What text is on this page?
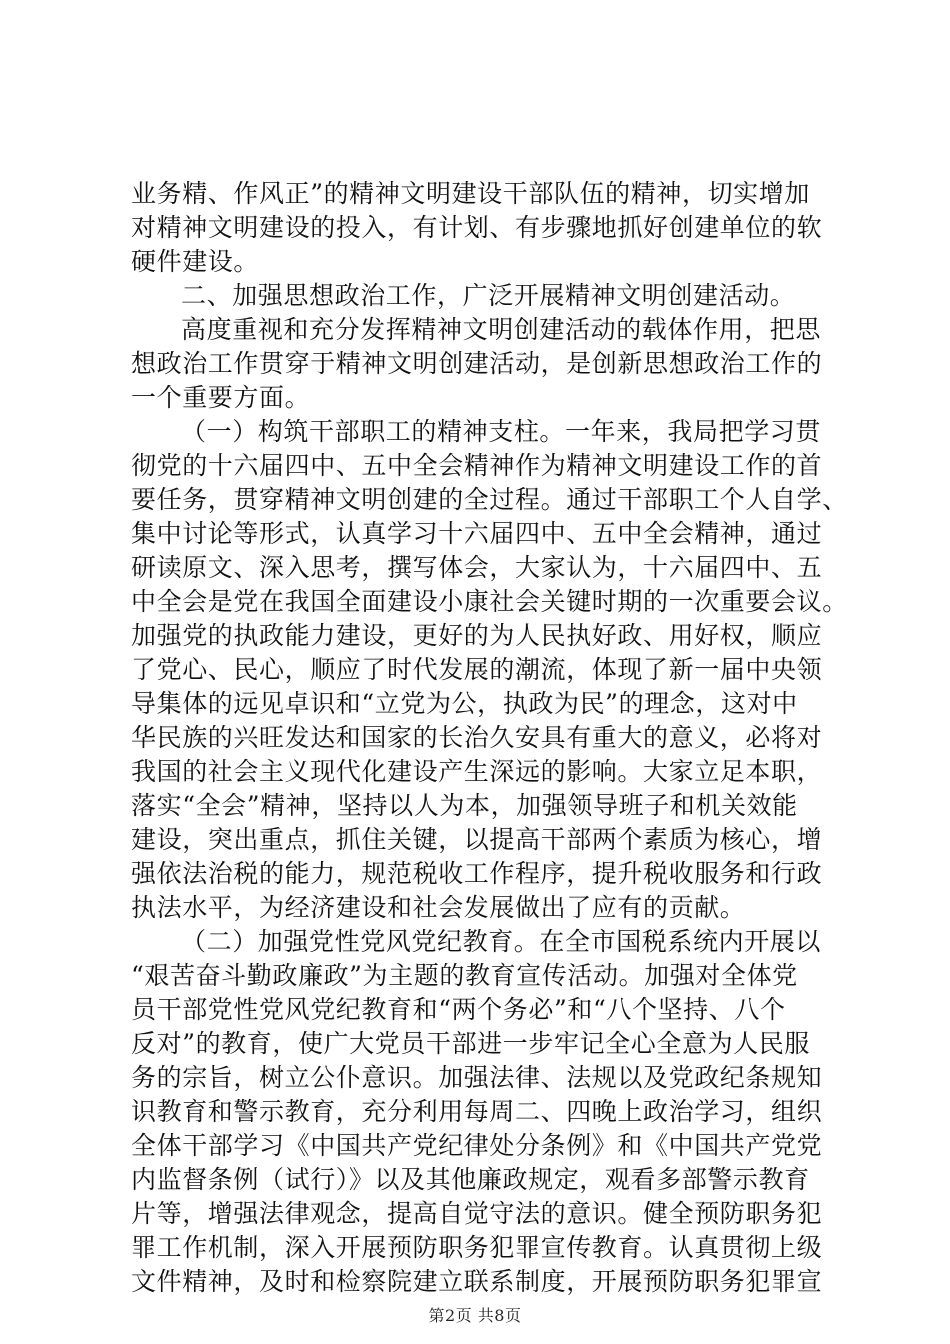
业务精、作风正”的精神文明建设干部队伍的精神，切实增加
对精神文明建设的投入，有计划、有步骤地抓好创建单位的软
硬件建设。
二、加强思想政治工作，广泛开展精神文明创建活动。
高度重视和充分发挥精神文明创建活动的载体作用，把思
想政治工作贯穿于精神文明创建活动，是创新思想政治工作的
一个重要方面。
（一）构筑干部职工的精神支柱。一年来，我局把学习贯
彻党的十六届四中、五中全会精神作为精神文明建设工作的首
要任务，贯穿精神文明创建的全过程。通过干部职工个人自学、
集中讨论等形式，认真学习十六届四中、五中全会精神，通过
研读原文、深入思考，撰写体会，大家认为，十六届四中、五
中全会是党在我国全面建设小康社会关键时期的一次重要会议。
加强党的执政能力建设，更好的为人民执好政、用好权，顺应
了党心、民心，顺应了时代发展的潮流，体现了新一届中央领
导集体的远见卓识和“立党为公，执政为民”的理念，这对中
华民族的兴旺发达和国家的长治久安具有重大的意义，必将对
我国的社会主义现代化建设产生深远的影响。大家立足本职，
落实“全会”精神，坚持以人为本，加强领导班子和机关效能
建设，突出重点，抓住关键，以提高干部两个素质为核心，增
强依法治税的能力，规范税收工作程序，提升税收服务和行政
执法水平，为经济建设和社会发展做出了应有的贡献。
（二）加强党性党风党纪教育。在全市国税系统内开展以
“艰苦奋斗勤政廉政”为主题的教育宣传活动。加强对全体党
员干部党性党风党纪教育和“两个务必”和“八个坚持、八个
反对”的教育，使广大党员干部进一步牢记全心全意为人民服
务的宗旨，树立公仆意识。加强法律、法规以及党政纪条规知
识教育和警示教育，充分利用每周二、四晚上政治学习，组织
全体干部学习《中国共产党纪律处分条例》和《中国共产党党
内监督条例（试行）》以及其他廉政规定，观看多部警示教育
片等，增强法律观念，提高自觉守法的意识。健全预防职务犯
罪工作机制，深入开展预防职务犯罪宣传教育。认真贯彻上级
文件精神，及时和检察院建立联系制度，开展预防职务犯罪宣
第2页 共8页
